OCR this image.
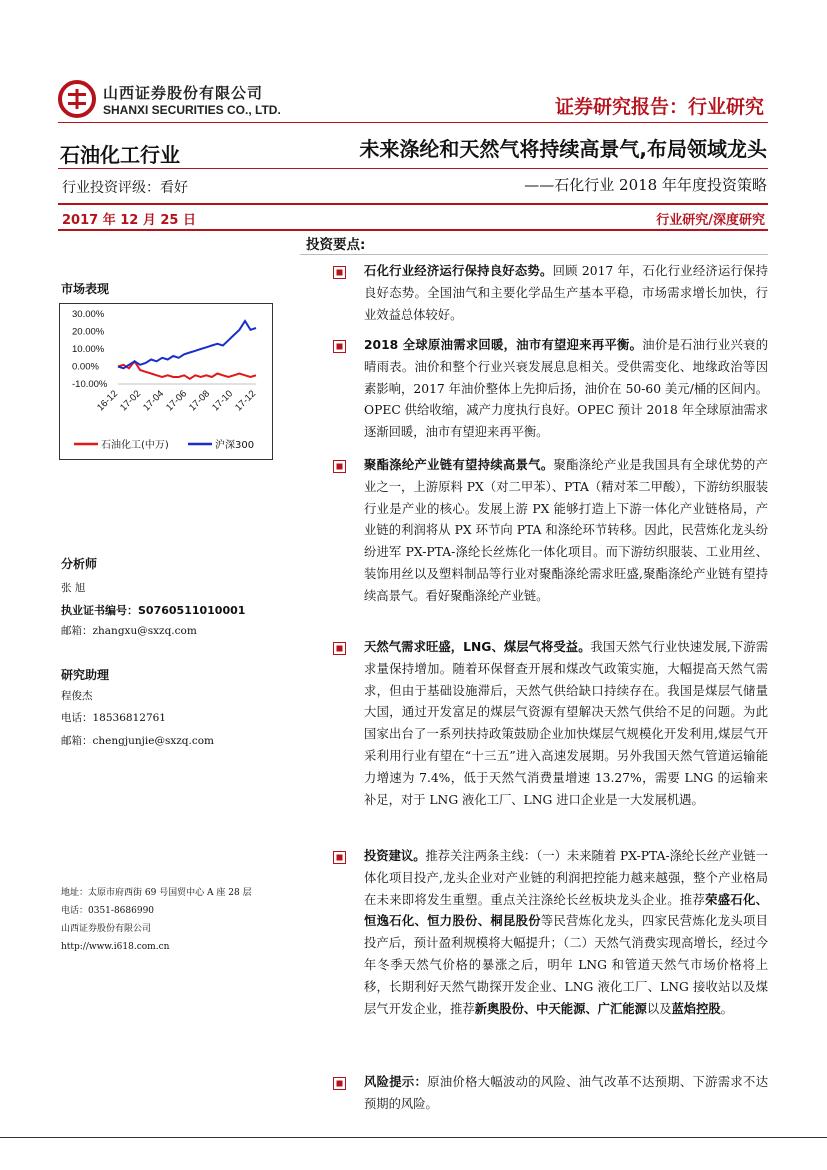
山西证券股份有限公司
SHANXI SECURITIES CO., LTD.	证券研究报告：行业研究
石油化工行业	未来涤纶和天然气将持续高景气,布局领域龙头
行业投资评级：看好	——石化行业 2018 年年度投资策略
2017 年 12 月 25 日	行业研究/深度研究
投资要点:
市场表现
30.00%
20.00%
10.00%
0.00%
-10.00%
16-12
17-02
17-04
17-06
17-08
17-10
17-12
石油化工(中万)	沪深300
分析师
张 旭
执业证书编号：S0760511010001
邮箱：zhangxu@sxzq.com
研究助理
程俊杰
电话：18536812761
邮箱：chengjunjie@sxzq.com
地址：太原市府西街 69 号国贸中心 A 座 28 层
电话：0351-8686990
山西证券股份有限公司
http://www.i618.com.cn
石化行业经济运行保持良好态势。回顾 2017 年，石化行业经济运行保持良好态势。全国油气和主要化学品生产基本平稳，市场需求增长加快，行业效益总体较好。
2018 全球原油需求回暖，油市有望迎来再平衡。油价是石油行业兴衰的晴雨表。油价和整个行业兴衰发展息息相关。受供需变化、地缘政治等因素影响，2017 年油价整体上先抑后扬，油价在 50-60 美元/桶的区间内。OPEC 供给收缩，减产力度执行良好。OPEC 预计 2018 年全球原油需求逐渐回暖，油市有望迎来再平衡。
聚酯涤纶产业链有望持续高景气。聚酯涤纶产业是我国具有全球优势的产业之一，上游原料 PX（对二甲苯）、PTA（精对苯二甲酸），下游纺织服装行业是产业的核心。发展上游 PX 能够打造上下游一体化产业链格局，产业链的利润将从 PX 环节向 PTA 和涤纶环节转移。因此，民营炼化龙头纷纷进军 PX-PTA-涤纶长丝炼化一体化项目。而下游纺织服装、工业用丝、装饰用丝以及塑料制品等行业对聚酯涤纶需求旺盛,聚酯涤纶产业链有望持续高景气。看好聚酯涤纶产业链。
天然气需求旺盛，LNG、煤层气将受益。我国天然气行业快速发展,下游需求量保持增加。随着环保督查开展和煤改气政策实施，大幅提高天然气需求，但由于基础设施滞后，天然气供给缺口持续存在。我国是煤层气储量大国，通过开发富足的煤层气资源有望解决天然气供给不足的问题。为此国家出台了一系列扶持政策鼓励企业加快煤层气规模化开发利用,煤层气开采利用行业有望在“十三五”进入高速发展期。另外我国天然气管道运输能力增速为 7.4%，低于天然气消费量增速 13.27%，需要 LNG 的运输来补足，对于 LNG 液化工厂、LNG 进口企业是一大发展机遇。
投资建议。推荐关注两条主线：（一）未来随着 PX-PTA-涤纶长丝产业链一体化项目投产,龙头企业对产业链的利润把控能力越来越强，整个产业格局在未来即将发生重塑。重点关注涤纶长丝板块龙头企业。推荐荣盛石化、恒逸石化、恒力股份、桐昆股份等民营炼化龙头，四家民营炼化龙头项目投产后，预计盈利规模将大幅提升；（二）天然气消费实现高增长，经过今年冬季天然气价格的暴涨之后，明年 LNG 和管道天然气市场价格将上移，长期利好天然气勘探开发企业、LNG 液化工厂、LNG 接收站以及煤层气开发企业，推荐新奥股份、中天能源、广汇能源以及蓝焰控股。
风险提示：原油价格大幅波动的风险、油气改革不达预期、下游需求不达预期的风险。
